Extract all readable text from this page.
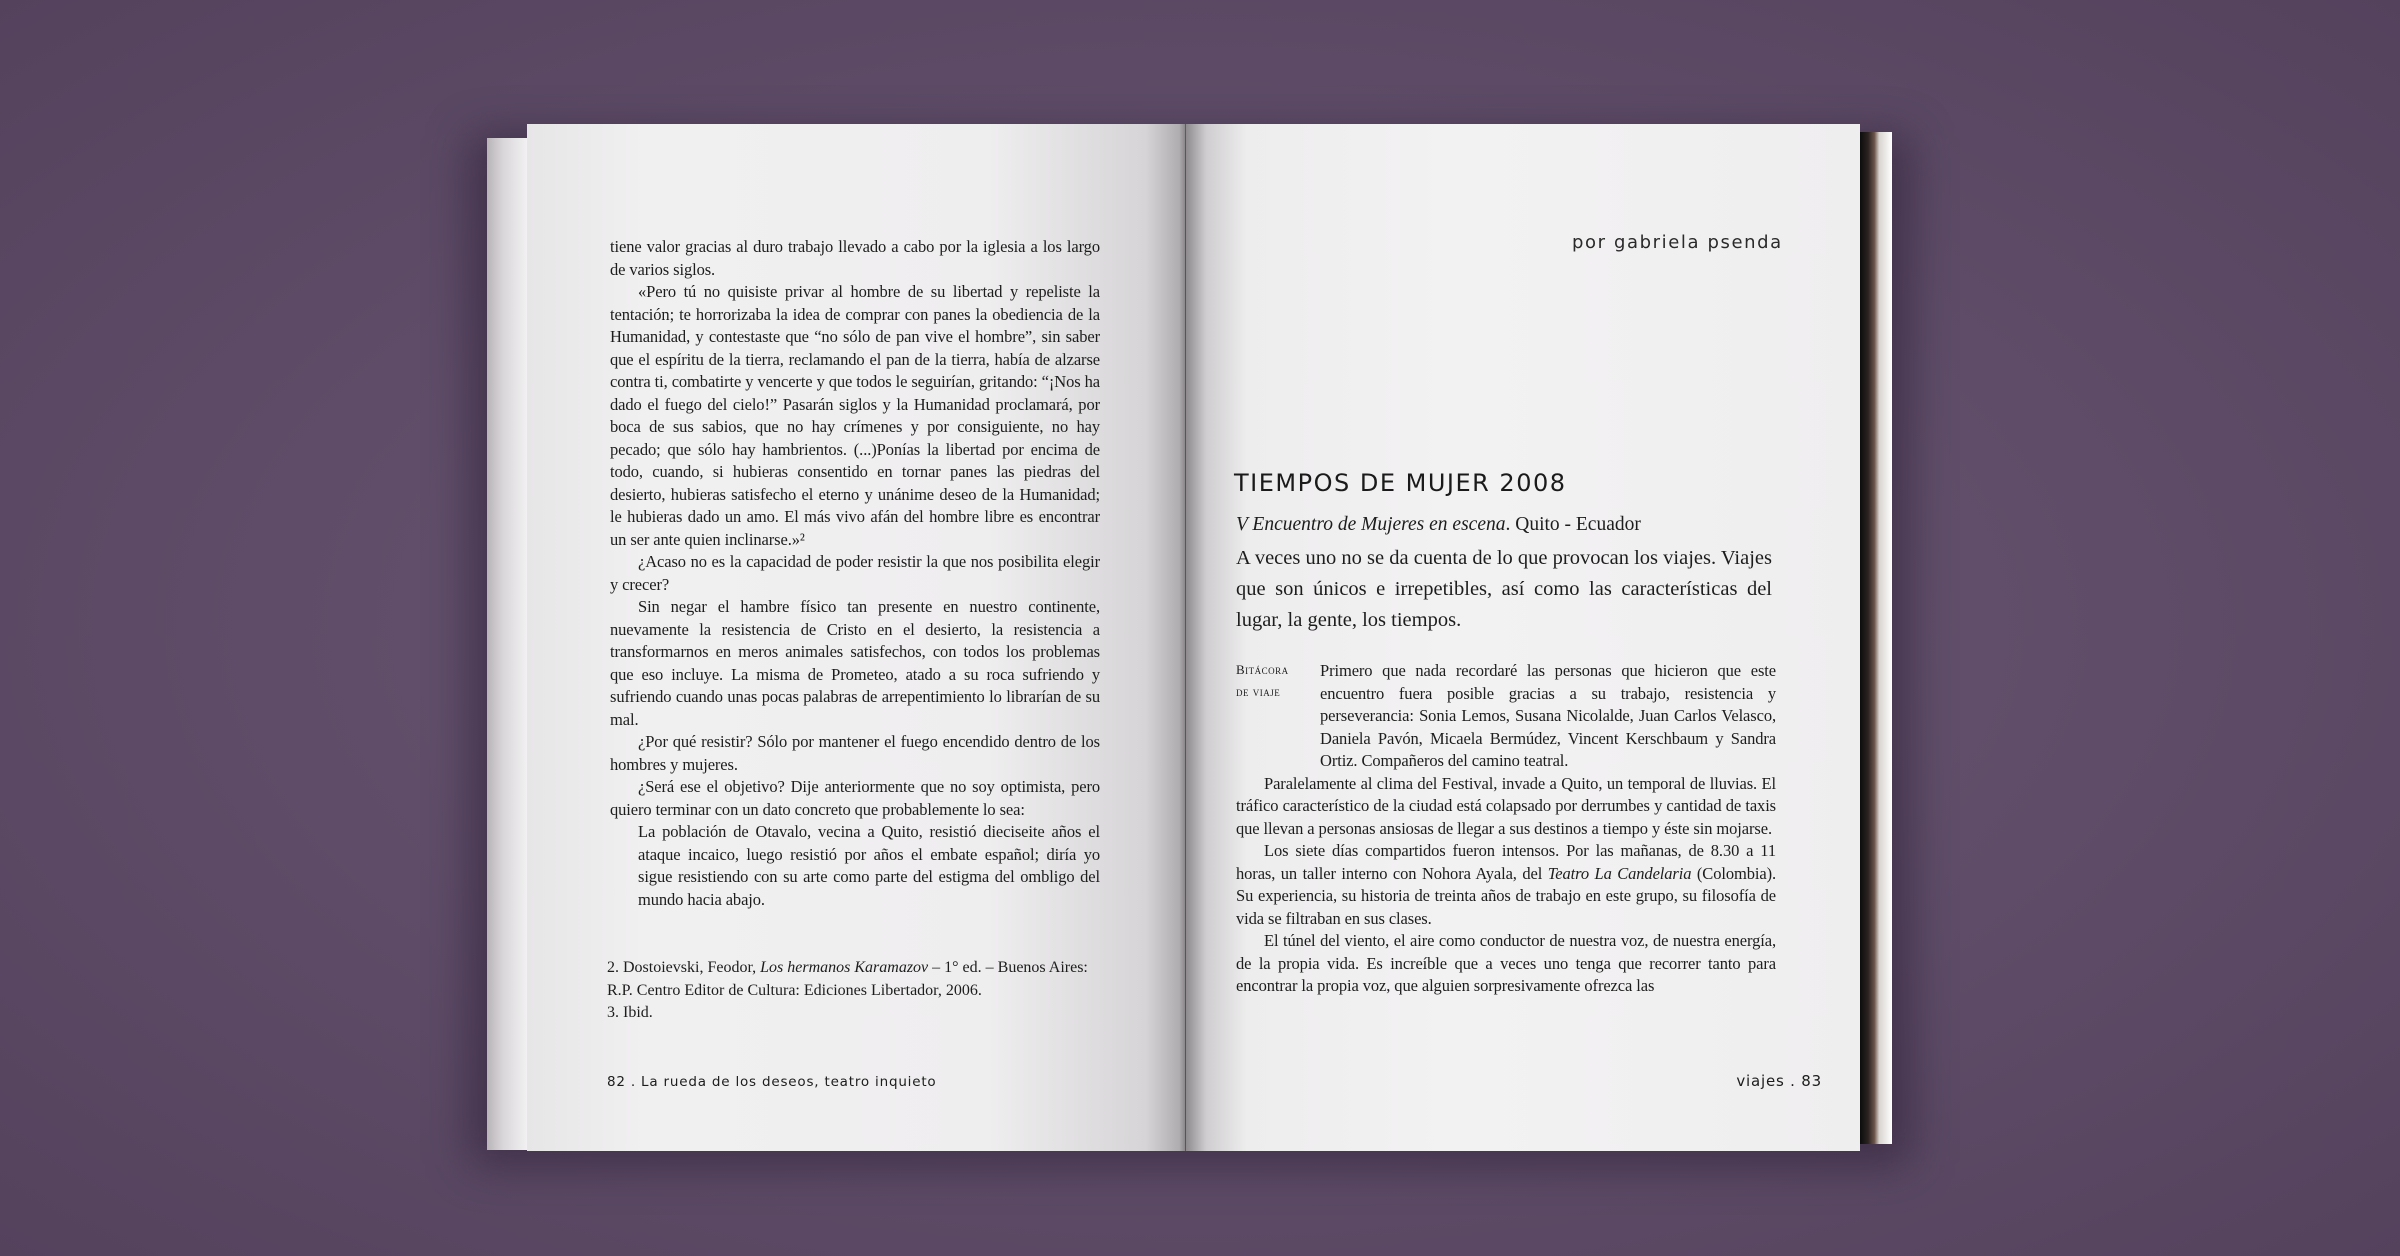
tiene valor gracias al duro trabajo llevado a cabo por la iglesia a los largo de varios siglos.

«Pero tú no quisiste privar al hombre de su libertad y repeliste la tentación; te horrorizaba la idea de comprar con panes la obediencia de la Humanidad, y contestaste que “no sólo de pan vive el hombre”, sin saber que el espíritu de la tierra, reclamando el pan de la tierra, había de alzarse contra ti, combatirte y vencerte y que todos le seguirían, gritando: “¡Nos ha dado el fuego del cielo!” Pasarán siglos y la Humanidad proclamará, por boca de sus sabios, que no hay crímenes y por consiguiente, no hay pecado; que sólo hay hambrientos. (...)Ponías la libertad por encima de todo, cuando, si hubieras consentido en tornar panes las piedras del desierto, hubieras satisfecho el eterno y unánime deseo de la Humanidad; le hubieras dado un amo. El más vivo afán del hombre libre es encontrar un ser ante quien inclinarse.»²

¿Acaso no es la capacidad de poder resistir la que nos posibilita elegir y crecer?

Sin negar el hambre físico tan presente en nuestro continente, nuevamente la resistencia de Cristo en el desierto, la resistencia a transformarnos en meros animales satisfechos, con todos los problemas que eso incluye. La misma de Prometeo, atado a su roca sufriendo y sufriendo cuando unas pocas palabras de arrepentimiento lo librarían de su mal.

¿Por qué resistir? Sólo por mantener el fuego encendido dentro de los hombres y mujeres.

¿Será ese el objetivo? Dije anteriormente que no soy optimista, pero quiero terminar con un dato concreto que probablemente lo sea:

La población de Otavalo, vecina a Quito, resistió dieciseite años el ataque incaico, luego resistió por años el embate español; diría yo sigue resistiendo con su arte como parte del estigma del ombligo del mundo hacia abajo.
2. Dostoievski, Feodor, Los hermanos Karamazov – 1° ed. – Buenos Aires: R.P. Centro Editor de Cultura: Ediciones Libertador, 2006.
3. Ibid.
82 . La rueda de los deseos, teatro inquieto
por gabriela psenda
TIEMPOS DE MUJER 2008
V Encuentro de Mujeres en escena. Quito - Ecuador
A veces uno no se da cuenta de lo que provocan los viajes. Viajes que son únicos e irrepetibles, así como las características del lugar, la gente, los tiempos.
Bitácora
de viaje

Primero que nada recordaré las personas que hicieron que este encuentro fuera posible gracias a su trabajo, resistencia y perseverancia: Sonia Lemos, Susana Nicolalde, Juan Carlos Velasco, Daniela Pavón, Micaela Bermúdez, Vincent Kerschbaum y Sandra Ortiz. Compañeros del camino teatral.

Paralelamente al clima del Festival, invade a Quito, un temporal de lluvias. El tráfico característico de la ciudad está colapsado por derrumbes y cantidad de taxis que llevan a personas ansiosas de llegar a sus destinos a tiempo y éste sin mojarse.

Los siete días compartidos fueron intensos. Por las mañanas, de 8.30 a 11 horas, un taller interno con Nohora Ayala, del Teatro La Candelaria (Colombia). Su experiencia, su historia de treinta años de trabajo en este grupo, su filosofía de vida se filtraban en sus clases.

El túnel del viento, el aire como conductor de nuestra voz, de nuestra energía, de la propia vida. Es increíble que a veces uno tenga que recorrer tanto para encontrar la propia voz, que alguien sorpresivamente ofrezca las

viajes . 83
